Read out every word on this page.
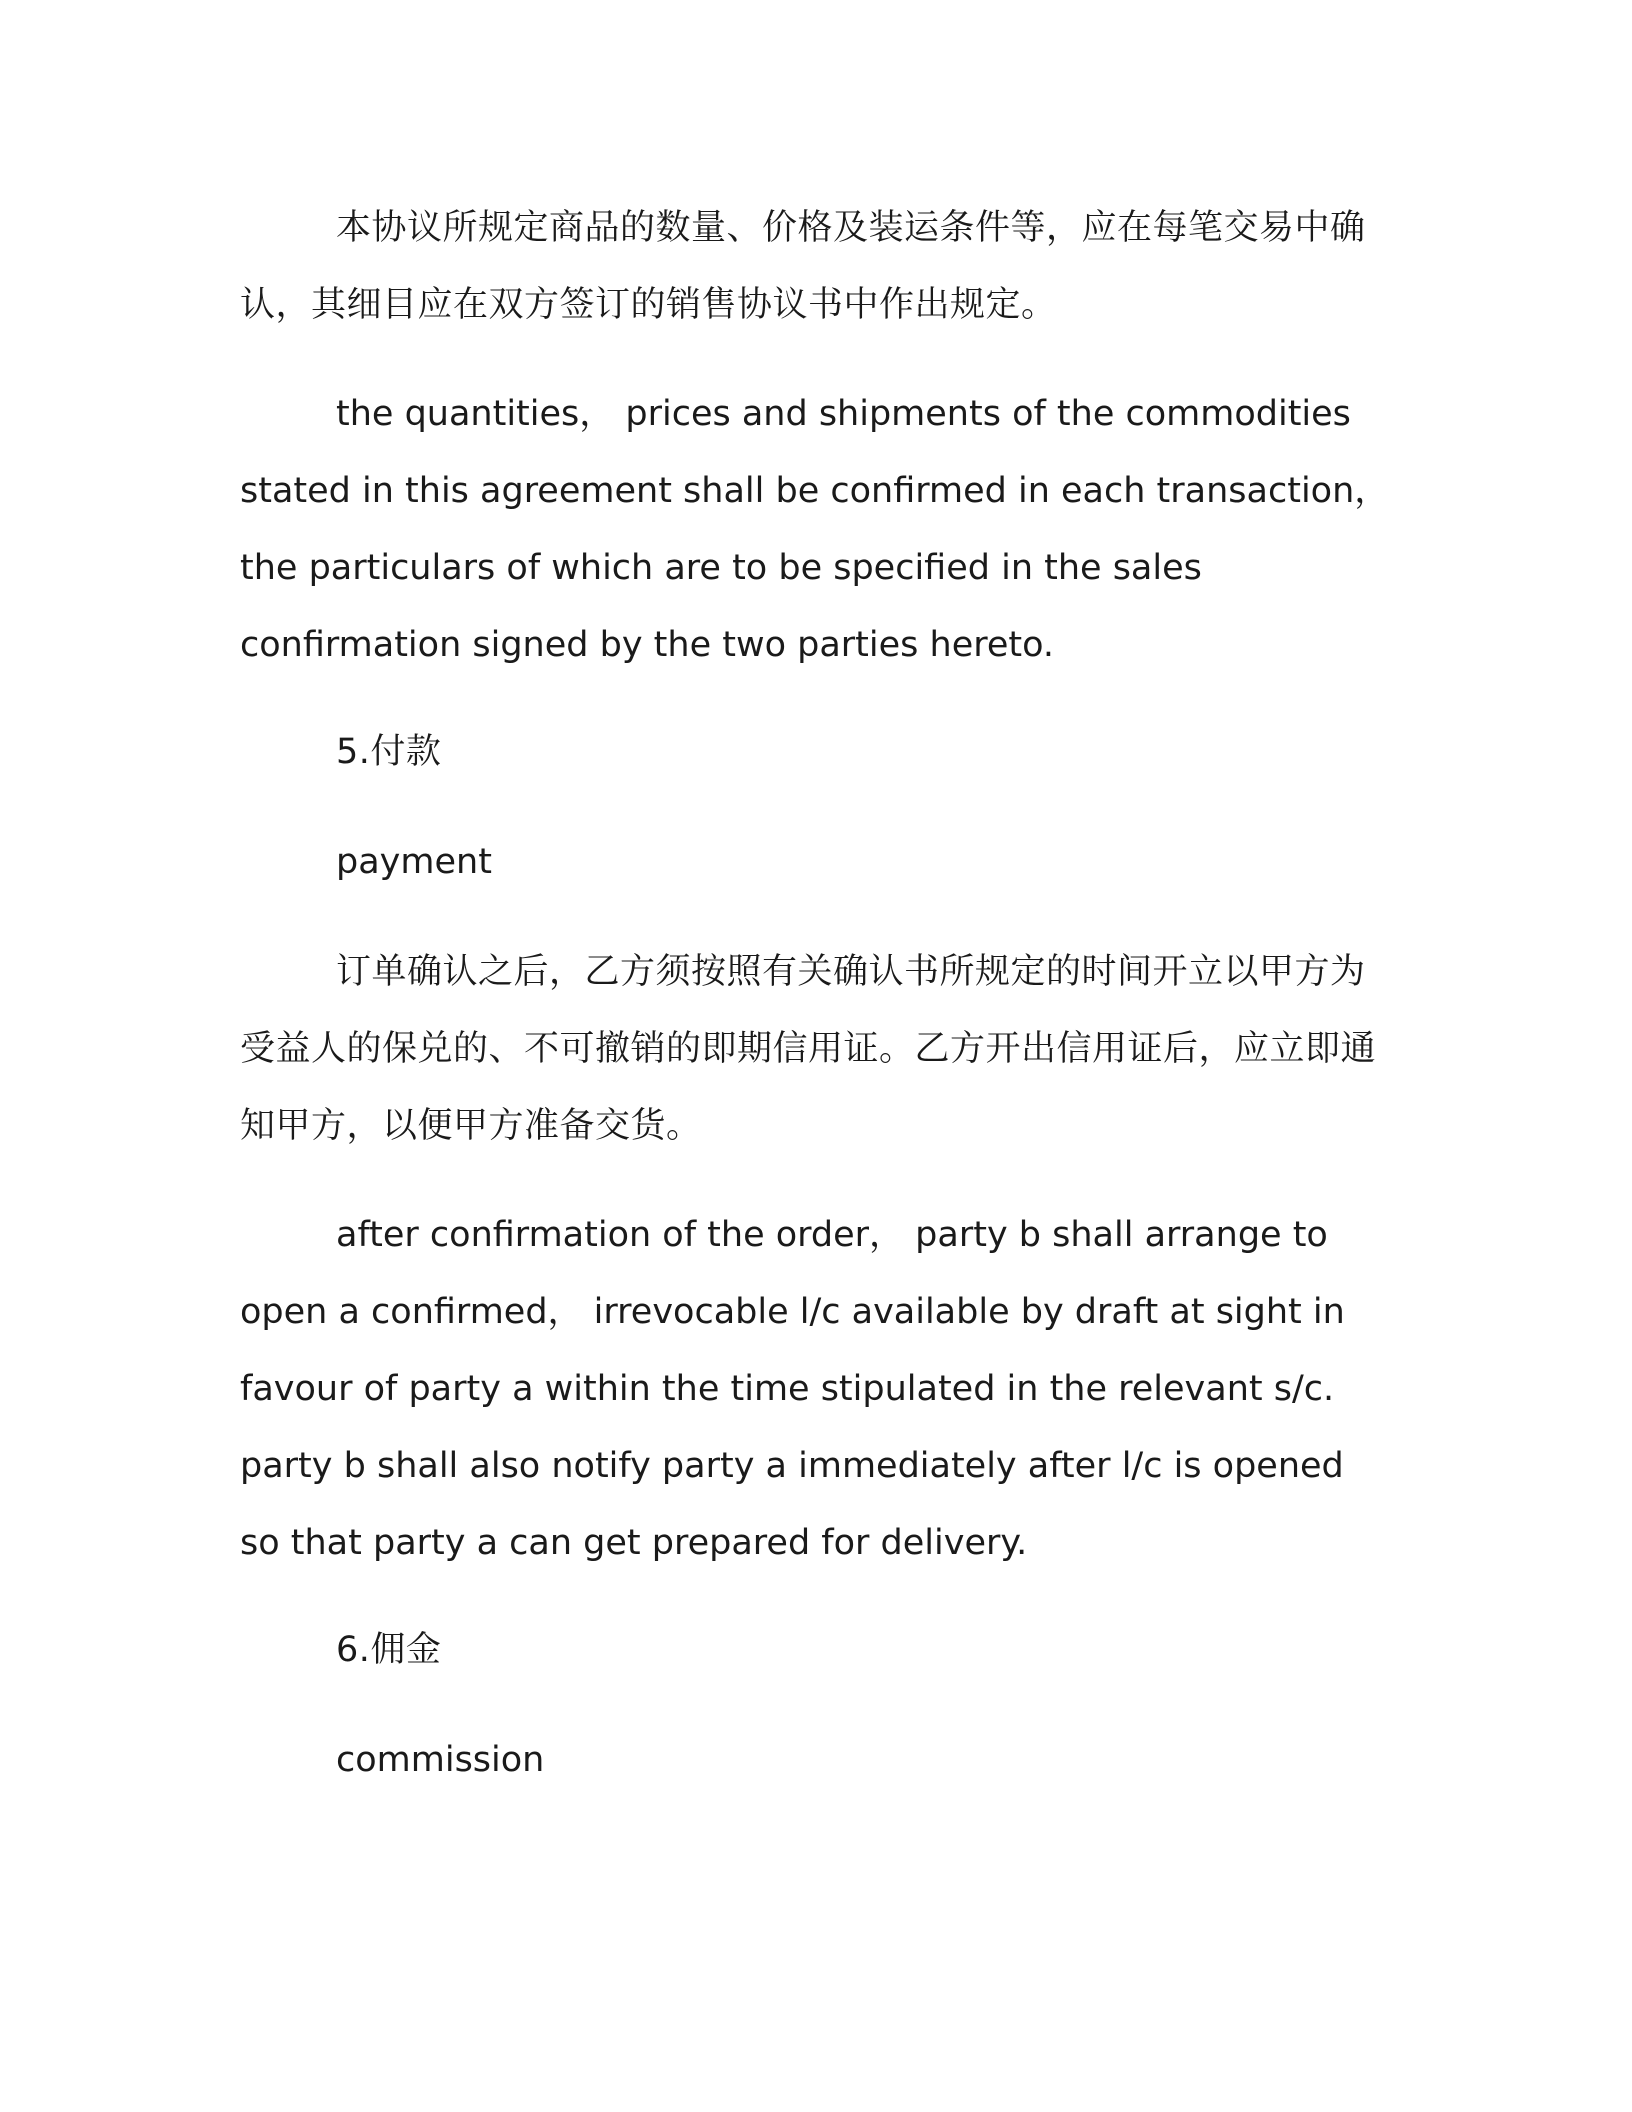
本协议所规定商品的数量、价格及装运条件等，应在每笔交易中确认，其细目应在双方签订的销售协议书中作出规定。

the quantities， prices and shipments of the commodities stated in this agreement shall be confirmed in each transaction，the particulars of which are to be specified in the sales confirmation signed by the two parties hereto.

5.付款

payment

订单确认之后，乙方须按照有关确认书所规定的时间开立以甲方为受益人的保兑的、不可撤销的即期信用证。乙方开出信用证后，应立即通知甲方，以便甲方准备交货。

after confirmation of the order， party b shall arrange to open a confirmed， irrevocable l/c available by draft at sight in favour of party a within the time stipulated in the relevant s/c. party b shall also notify party a immediately after l/c is opened so that party a can get prepared for delivery.

6.佣金

commission
